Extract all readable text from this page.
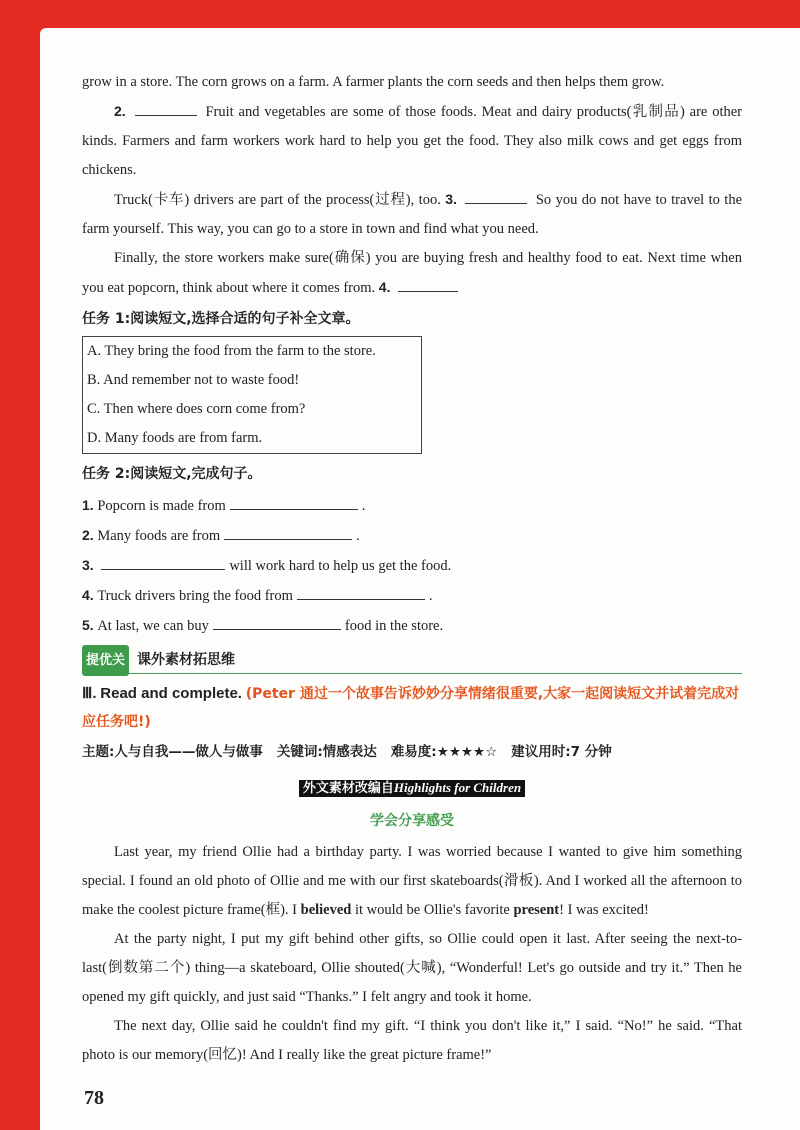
grow in a store. The corn grows on a farm. A farmer plants the corn seeds and then helps them grow.

2.	Fruit and vegetables are some of those foods. Meat and dairy products(乳制品) are other kinds. Farmers and farm workers work hard to help you get the food. They also milk cows and get eggs from chickens.

Truck(卡车) drivers are part of the process(过程), too. 3.	So you do not have to travel to the farm yourself. This way, you can go to a store in town and find what you need.

Finally, the store workers make sure(确保) you are buying fresh and healthy food to eat. Next time when you eat popcorn, think about where it comes from. 4.

任务 1:阅读短文,选择合适的句子补全文章。
A. They bring the food from the farm to the store.
B. And remember not to waste food!
C. Then where does corn come from?
D. Many foods are from farm.
任务 2:阅读短文,完成句子。
1.
Popcorn is made from	.
2.
Many foods are from	.
3.
	will work hard to help us get the food.
4.
Truck drivers bring the food from	.
5.
At last, we can buy	food in the store.
提优关 课外素材拓思维
Ⅲ. Read and complete. (Peter 通过一个故事告诉妙妙分享情绪很重要,大家一起阅读短文并试着完成对应任务吧!)
主题:人与自我——做人与做事 关键词:情感表达 难易度:★★★★☆ 建议用时:7 分钟
外文素材改编自Highlights for Children
学会分享感受

Last year, my friend Ollie had a birthday party. I was worried because I wanted to give him something special. I found an old photo of Ollie and me with our first skateboards(滑板). And I worked all the afternoon to make the coolest picture frame(框). I believed it would be Ollie's favorite present! I was excited!

At the party night, I put my gift behind other gifts, so Ollie could open it last. After seeing the next-to-last(倒数第二个) thing—a skateboard, Ollie shouted(大喊), “Wonderful! Let's go outside and try it.” Then he opened my gift quickly, and just said “Thanks.” I felt angry and took it home.

The next day, Ollie said he couldn't find my gift. “I think you don't like it,” I said. “No!” he said. “That photo is our memory(回忆)! And I really like the great picture frame!”

78
